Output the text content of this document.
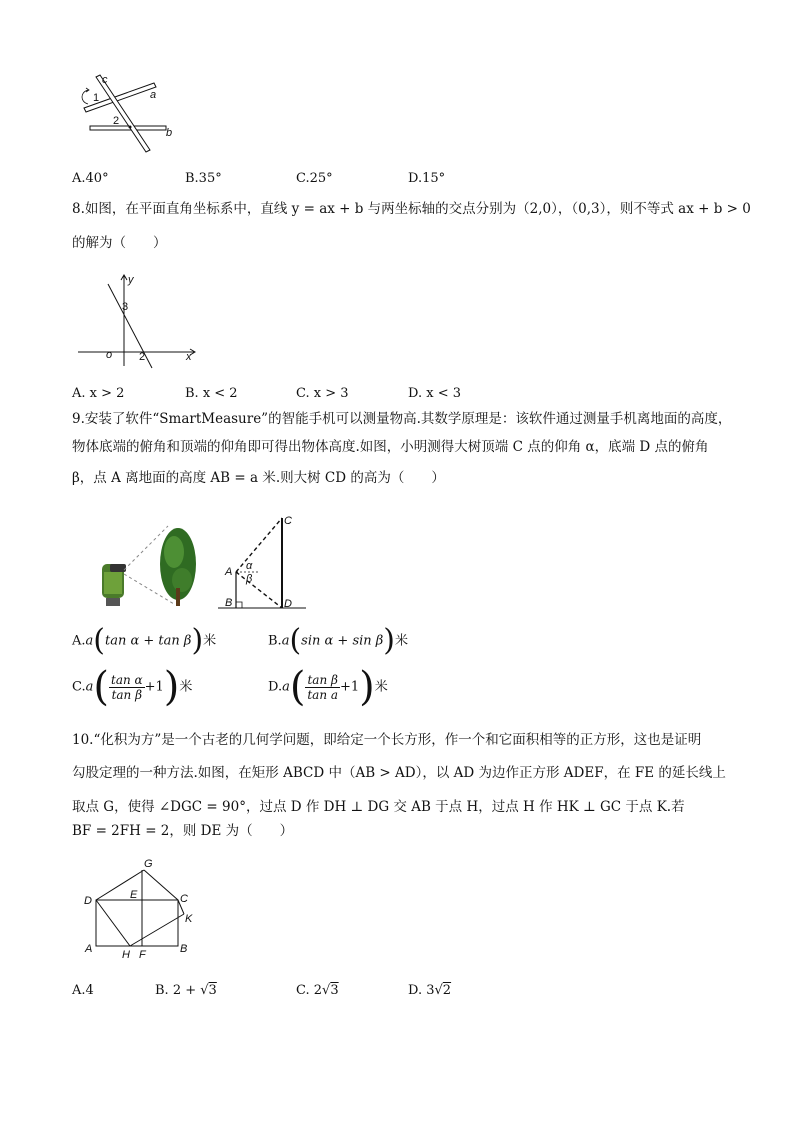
c
a
b
1
2
A.40°	B.35°	C.25°	D.15°
8.如图，在平面直角坐标系中，直线 y = ax + b 与两坐标轴的交点分别为（2,0），（0,3），则不等式 ax + b > 0
的解为（　　）
y
x
o
3
2
A. x > 2	B. x < 2	C. x > 3	D. x < 3
9.安装了软件“SmartMeasure”的智能手机可以测量物高.其数学原理是：该软件通过测量手机离地面的高度，
物体底端的俯角和顶端的仰角即可得出物体高度.如图，小明测得大树顶端 C 点的仰角 α，底端 D 点的俯角
β，点 A 离地面的高度 AB = a 米.则大树 CD 的高为（　　）
C
A
B	D
α
β
A.a(tan α + tan β)米	B.a(sin α + sin β)米
$C.a( \frac{\text{tan α}}{\text{tan β}} +1)$米	$D.a( \frac{\text{tan β}}{\text{tan a}} +1)$米
10.“化积为方”是一个古老的几何学问题，即给定一个长方形，作一个和它面积相等的正方形，这也是证明
勾股定理的一种方法.如图，在矩形 ABCD 中（AB > AD），以 AD 为边作正方形 ADEF，在 FE 的延长线上
取点 G，使得 ∠DGC = 90°，过点 D 作 DH ⊥ DG 交 AB 于点 H，过点 H 作 HK ⊥ GC 于点 K.若
BF = 2FH = 2，则 DE 为（　　）
G
D	E	C
K
A	H F	B
A.4	B. 2 + √3	C. 2√3	D. 3√2
